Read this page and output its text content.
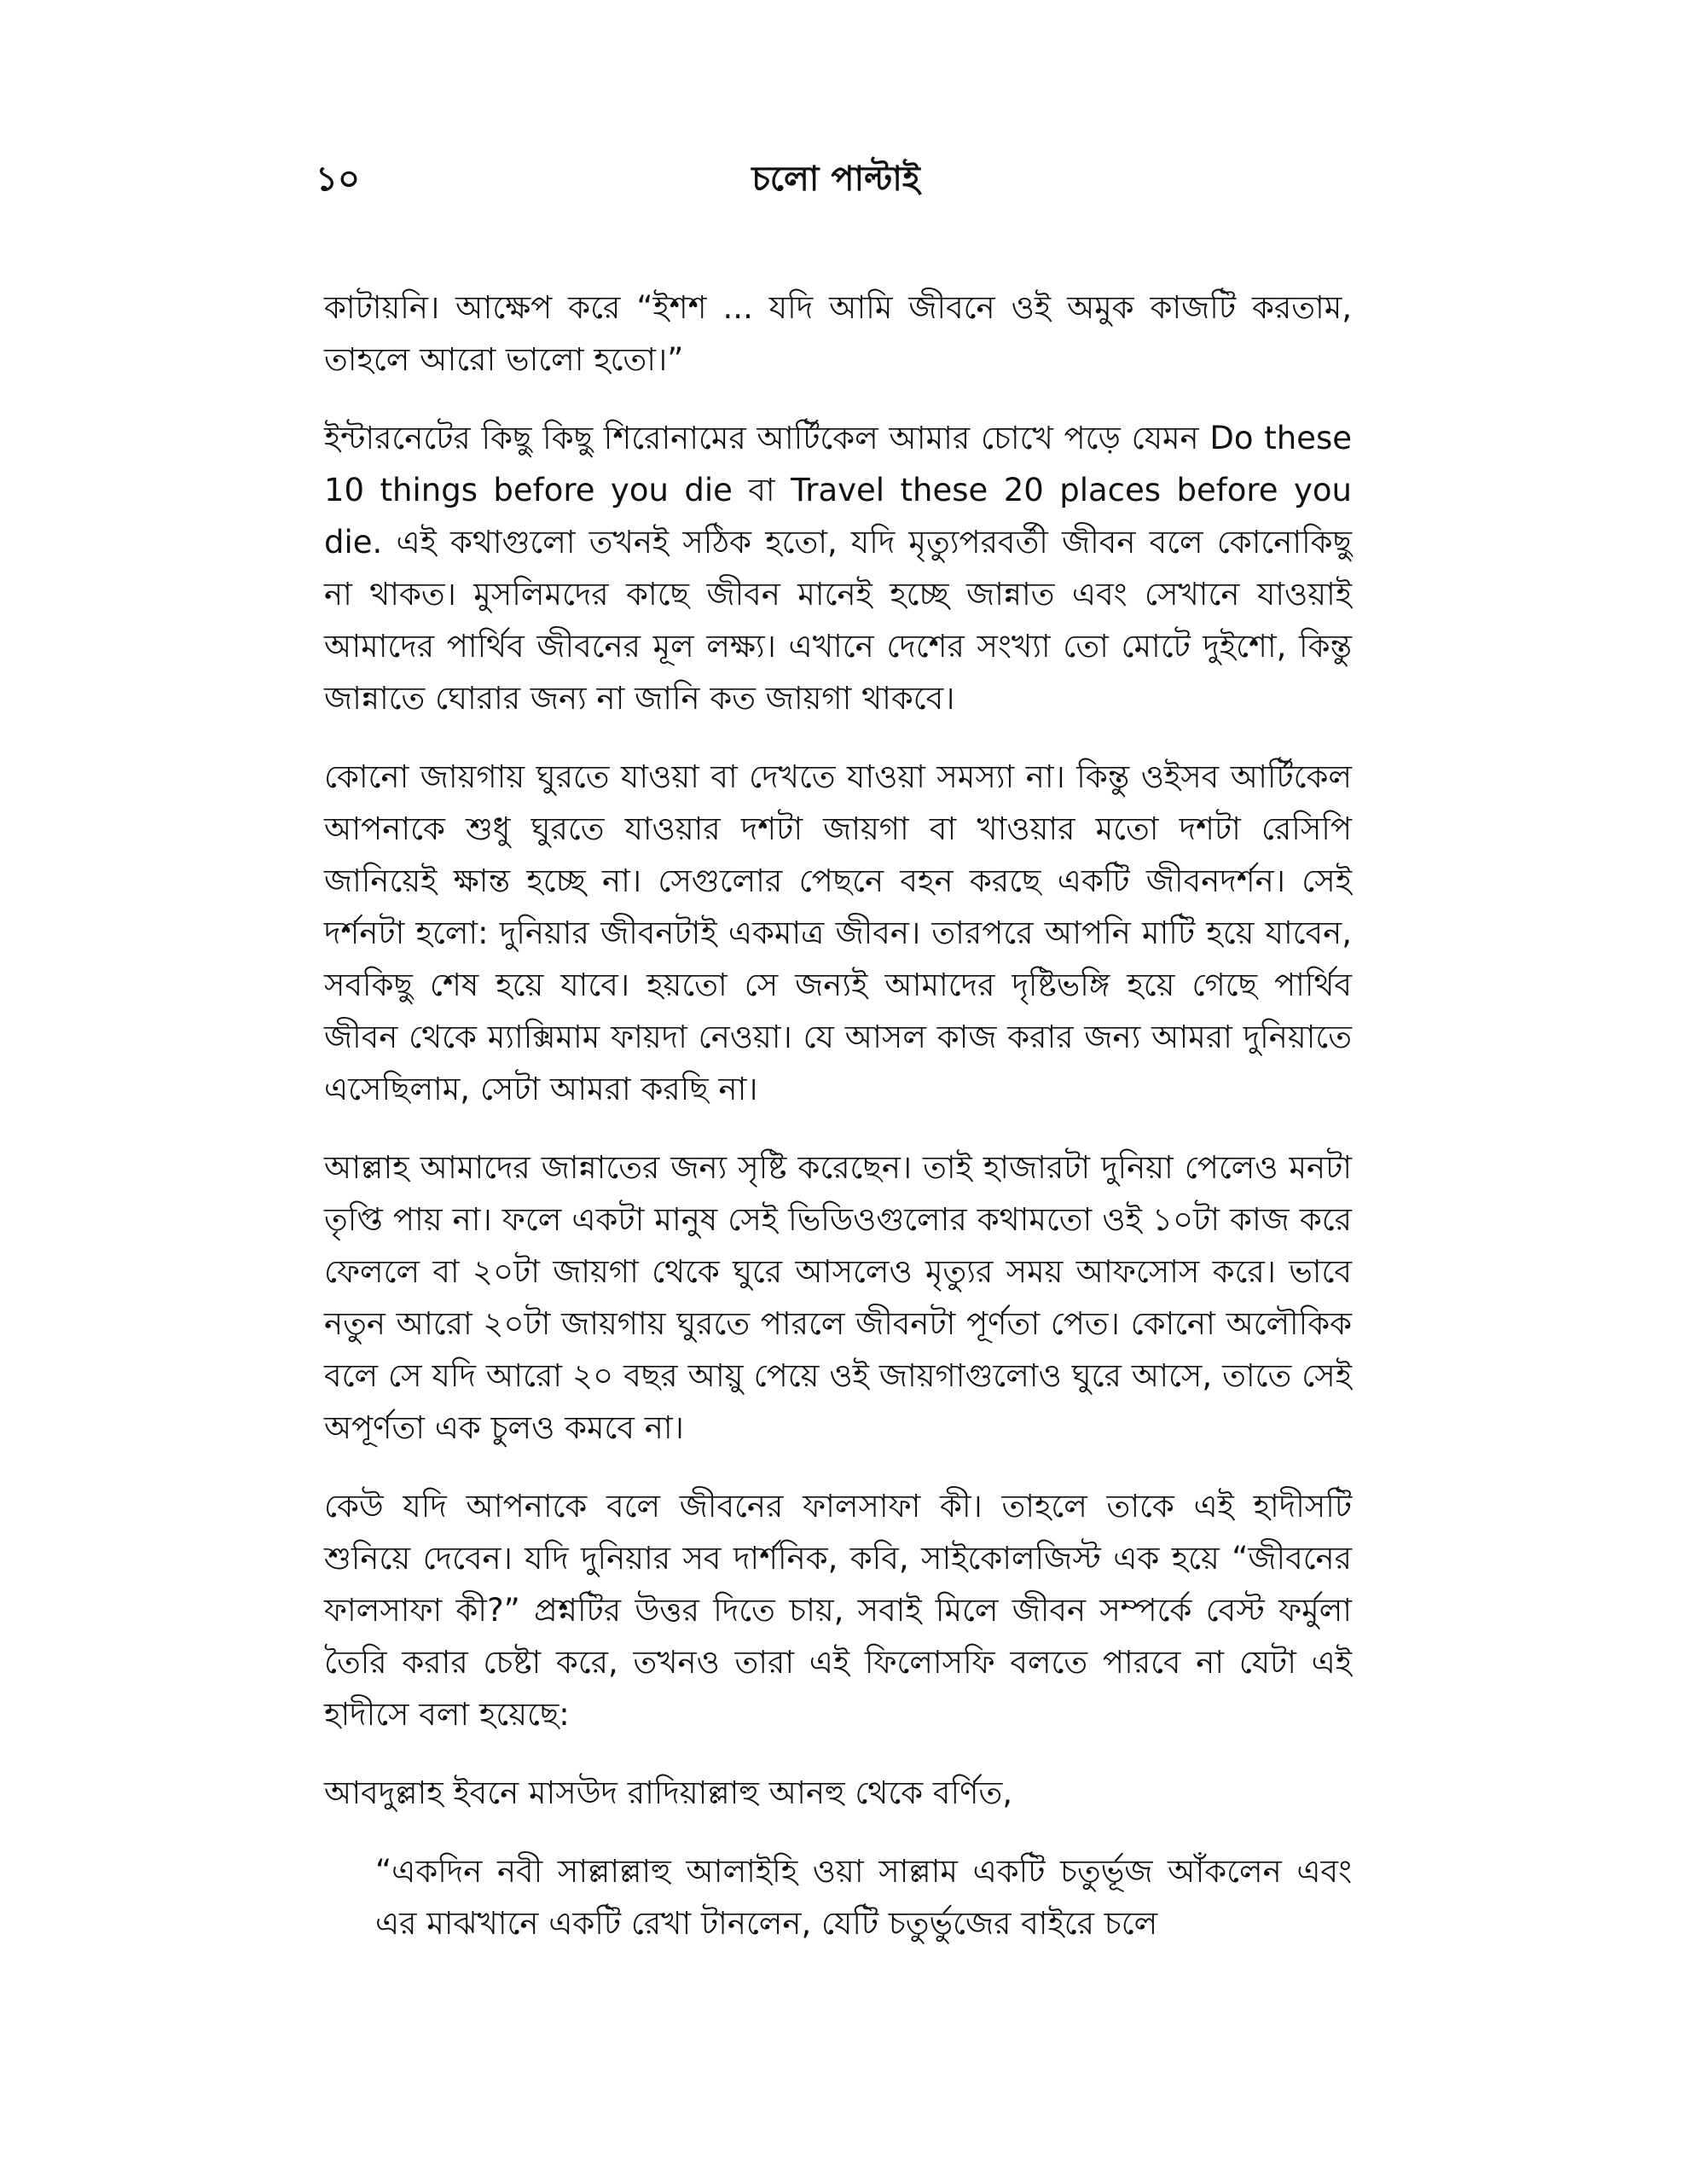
১০	চলো পাল্টাই

কাটায়নি। আক্ষেপ করে “ইশশ ... যদি আমি জীবনে ওই অমুক কাজটি করতাম, তাহলে আরো ভালো হতো।”

ইন্টারনেটের কিছু কিছু শিরোনামের আর্টিকেল আমার চোখে পড়ে যেমন Do these 10 things before you die বা Travel these 20 places before you die. এই কথাগুলো তখনই সঠিক হতো, যদি মৃত্যুপরবর্তী জীবন বলে কোনোকিছু না থাকত। মুসলিমদের কাছে জীবন মানেই হচ্ছে জান্নাত এবং সেখানে যাওয়াই আমাদের পার্থিব জীবনের মূল লক্ষ্য। এখানে দেশের সংখ্যা তো মোটে দুইশো, কিন্তু জান্নাতে ঘোরার জন্য না জানি কত জায়গা থাকবে।

কোনো জায়গায় ঘুরতে যাওয়া বা দেখতে যাওয়া সমস্যা না। কিন্তু ওইসব আর্টিকেল আপনাকে শুধু ঘুরতে যাওয়ার দশটা জায়গা বা খাওয়ার মতো দশটা রেসিপি জানিয়েই ক্ষান্ত হচ্ছে না। সেগুলোর পেছনে বহন করছে একটি জীবনদর্শন। সেই দর্শনটা হলো: দুনিয়ার জীবনটাই একমাত্র জীবন। তারপরে আপনি মাটি হয়ে যাবেন, সবকিছু শেষ হয়ে যাবে। হয়তো সে জন্যই আমাদের দৃষ্টিভঙ্গি হয়ে গেছে পার্থিব জীবন থেকে ম্যাক্সিমাম ফায়দা নেওয়া। যে আসল কাজ করার জন্য আমরা দুনিয়াতে এসেছিলাম, সেটা আমরা করছি না।

আল্লাহ আমাদের জান্নাতের জন্য সৃষ্টি করেছেন। তাই হাজারটা দুনিয়া পেলেও মনটা তৃপ্তি পায় না। ফলে একটা মানুষ সেই ভিডিওগুলোর কথামতো ওই ১০টা কাজ করে ফেললে বা ২০টা জায়গা থেকে ঘুরে আসলেও মৃত্যুর সময় আফসোস করে। ভাবে নতুন আরো ২০টা জায়গায় ঘুরতে পারলে জীবনটা পূর্ণতা পেত। কোনো অলৌকিক বলে সে যদি আরো ২০ বছর আয়ু পেয়ে ওই জায়গাগুলোও ঘুরে আসে, তাতে সেই অপূর্ণতা এক চুলও কমবে না।

কেউ যদি আপনাকে বলে জীবনের ফালসাফা কী। তাহলে তাকে এই হাদীসটি শুনিয়ে দেবেন। যদি দুনিয়ার সব দার্শনিক, কবি, সাইকোলজিস্ট এক হয়ে “জীবনের ফালসাফা কী?” প্রশ্নটির উত্তর দিতে চায়, সবাই মিলে জীবন সম্পর্কে বেস্ট ফর্মুলা তৈরি করার চেষ্টা করে, তখনও তারা এই ফিলোসফি বলতে পারবে না যেটা এই হাদীসে বলা হয়েছে:

আবদুল্লাহ ইবনে মাসউদ রাদিয়াল্লাহু আনহু থেকে বর্ণিত,

“একদিন নবী সাল্লাল্লাহু আলাইহি ওয়া সাল্লাম একটি চতুর্ভূজ আঁকলেন এবং এর মাঝখানে একটি রেখা টানলেন, যেটি চতুর্ভুজের বাইরে চলে
